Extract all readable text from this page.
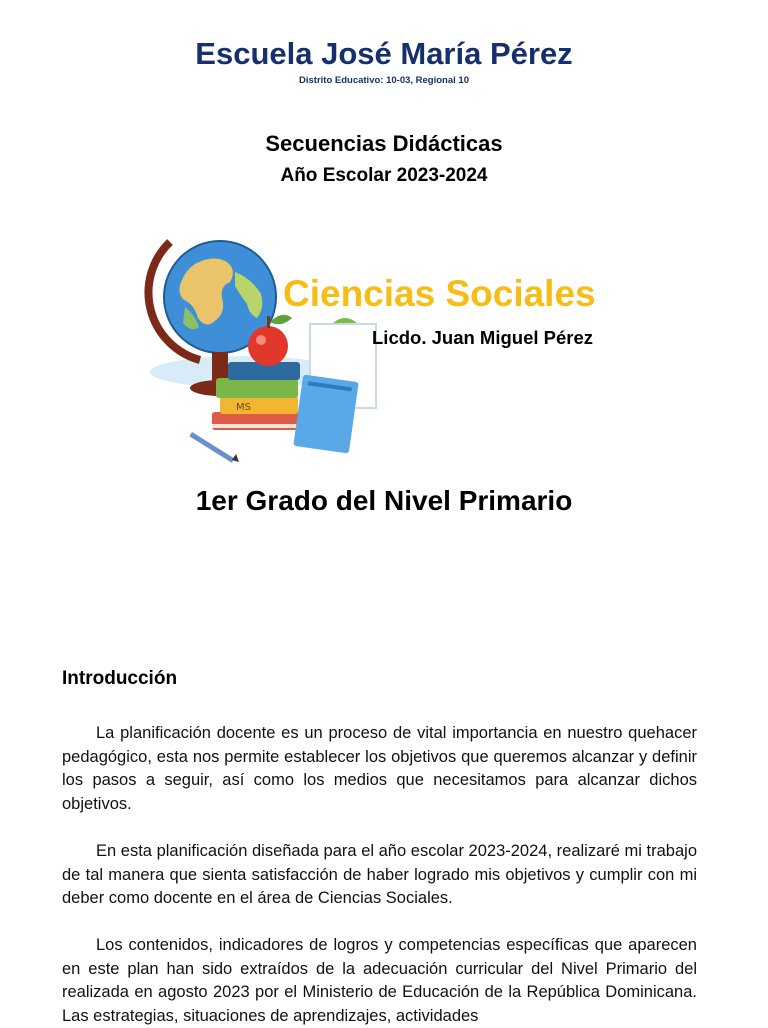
Escuela José María Pérez
Distrito Educativo: 10-03, Regional 10
Secuencias Didácticas
Año Escolar 2023-2024
MS
Ciencias Sociales
Licdo. Juan Miguel Pérez
1er Grado del Nivel Primario
Introducción

La planificación docente es un proceso de vital importancia en nuestro quehacer pedagógico, esta nos permite establecer los objetivos que queremos alcanzar y definir los pasos a seguir, así como los medios que necesitamos para alcanzar dichos objetivos.

En esta planificación diseñada para el año escolar 2023-2024, realizaré mi trabajo de tal manera que sienta satisfacción de haber logrado mis objetivos y cumplir con mi deber como docente en el área de Ciencias Sociales.

Los contenidos, indicadores de logros y competencias específicas que aparecen en este plan han sido extraídos de la adecuación curricular del Nivel Primario del realizada en agosto 2023 por el Ministerio de Educación de la República Dominicana. Las estrategias, situaciones de aprendizajes, actividades
